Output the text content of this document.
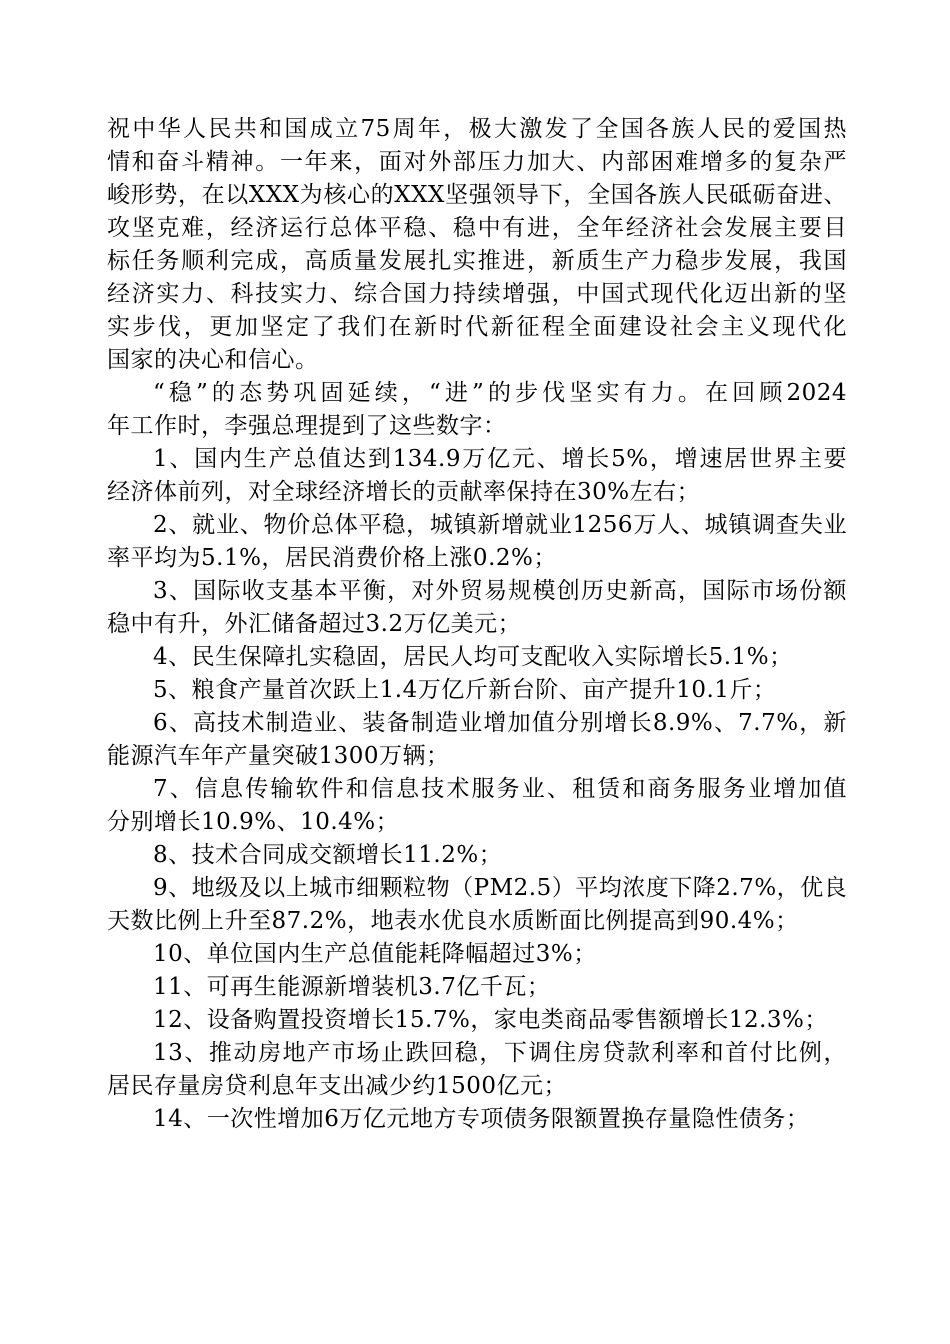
祝中华人民共和国成立75周年，极大激发了全国各族人民的爱国热
情和奋斗精神。一年来，面对外部压力加大、内部困难增多的复杂严
峻形势，在以XXX为核心的XXX坚强领导下，全国各族人民砥砺奋进、
攻坚克难，经济运行总体平稳、稳中有进，全年经济社会发展主要目
标任务顺利完成，高质量发展扎实推进，新质生产力稳步发展，我国
经济实力、科技实力、综合国力持续增强，中国式现代化迈出新的坚
实步伐，更加坚定了我们在新时代新征程全面建设社会主义现代化
国家的决心和信心。
“稳”的态势巩固延续，“进”的步伐坚实有力。在回顾2024
年工作时，李强总理提到了这些数字：
1、国内生产总值达到134.9万亿元、增长5%，增速居世界主要
经济体前列，对全球经济增长的贡献率保持在30%左右；
2、就业、物价总体平稳，城镇新增就业1256万人、城镇调查失业
率平均为5.1%，居民消费价格上涨0.2%；
3、国际收支基本平衡，对外贸易规模创历史新高，国际市场份额
稳中有升，外汇储备超过3.2万亿美元；
4、民生保障扎实稳固，居民人均可支配收入实际增长5.1%；
5、粮食产量首次跃上1.4万亿斤新台阶、亩产提升10.1斤；
6、高技术制造业、装备制造业增加值分别增长8.9%、7.7%，新
能源汽车年产量突破1300万辆；
7、信息传输软件和信息技术服务业、租赁和商务服务业增加值
分别增长10.9%、10.4%；
8、技术合同成交额增长11.2%；
9、地级及以上城市细颗粒物（PM2.5）平均浓度下降2.7%，优良
天数比例上升至87.2%，地表水优良水质断面比例提高到90.4%；
10、单位国内生产总值能耗降幅超过3%；
11、可再生能源新增装机3.7亿千瓦；
12、设备购置投资增长15.7%，家电类商品零售额增长12.3%；
13、推动房地产市场止跌回稳，下调住房贷款利率和首付比例，
居民存量房贷利息年支出减少约1500亿元；
14、一次性增加6万亿元地方专项债务限额置换存量隐性债务；
